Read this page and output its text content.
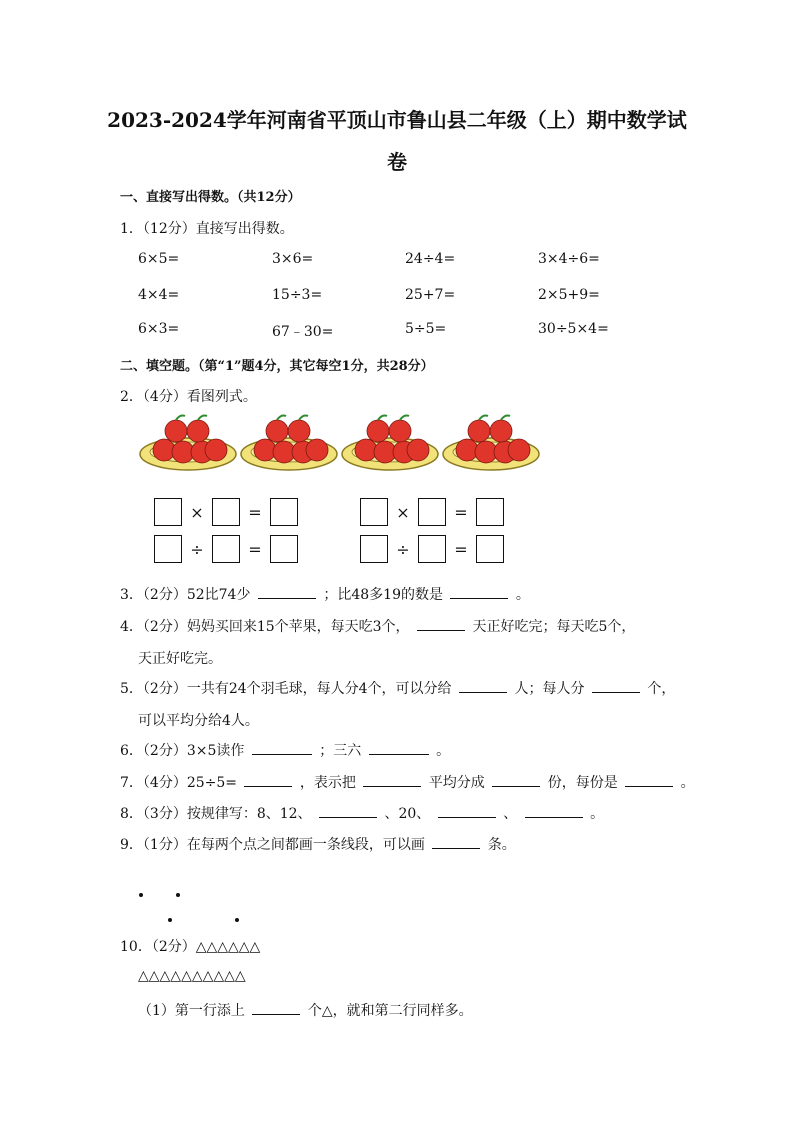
2023-2024学年河南省平顶山市鲁山县二年级（上）期中数学试
卷
一、直接写出得数。（共12分）
1．（12分）直接写出得数。
6×5=	3×6=	24÷4=	3×4÷6=
4×4=	15÷3=	25+7=	2×5+9=
6×3=	67﹣30=	5÷5=	30÷5×4=
二、填空题。（第“1”题4分，其它每空1分，共28分）
2．（4分）看图列式。
×	=
÷	=
×	=
÷	=
3．（2分）52比74少	；比48多19的数是	。
4．（2分）妈妈买回来15个苹果，每天吃3个，	天正好吃完；每天吃5个，
天正好吃完。
5．（2分）一共有24个羽毛球，每人分4个，可以分给	人；每人分	个，
可以平均分给4人。
6．（2分）3×5读作	；三六	。
7．（4分）25÷5=	，表示把	平均分成	份，每份是	。
8．（3分）按规律写：8、12、	、20、	、	。
9．（1分）在每两个点之间都画一条线段，可以画	条。
10．（2分）△△△△△△
△△△△△△△△△△
（1）第一行添上	个△，就和第二行同样多。
